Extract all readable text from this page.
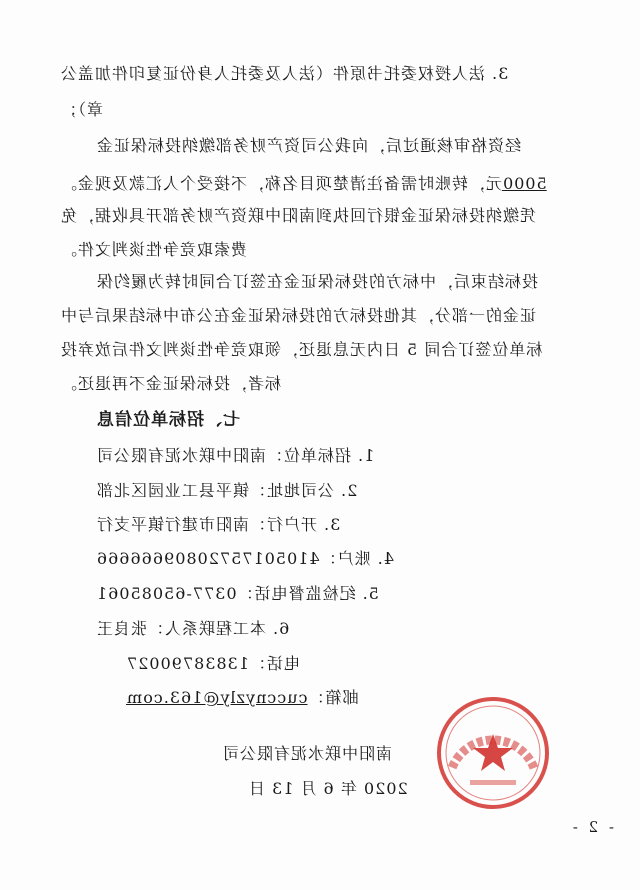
3. 法人授权委托书原件（法人及委托人身份证复印件加盖公
章）；
经资格审核通过后，向我公司资产财务部缴纳投标保证金
5000元，转账时需备注清楚项目名称，不接受个人汇款及现金。
凭缴纳投标保证金银行回执到南阳中联资产财务部开具收据，免
费索取竞争性谈判文件。
投标结束后，中标方的投标保证金在签订合同时转为履约保
证金的一部分，其他投标方的投标保证金在公布中标结果后与中
标单位签订合同 5 日内无息退还，领取竞争性谈判文件后放弃投
标者，投标保证金不再退还。
七、招标单位信息
1. 招标单位：南阳中联水泥有限公司
2. 公司地址：镇平县工业园区北部
3. 开户行：南阳市建行镇平支行
4. 账户：41050175720809666666
5. 纪检监督电话：0377-65085061
6. 本工程联系人：张良王
电话：13838790027
邮箱：cuccnyzly@163.com
南阳中联水泥有限公司
2020 年 6 月 13 日
- 2 -
